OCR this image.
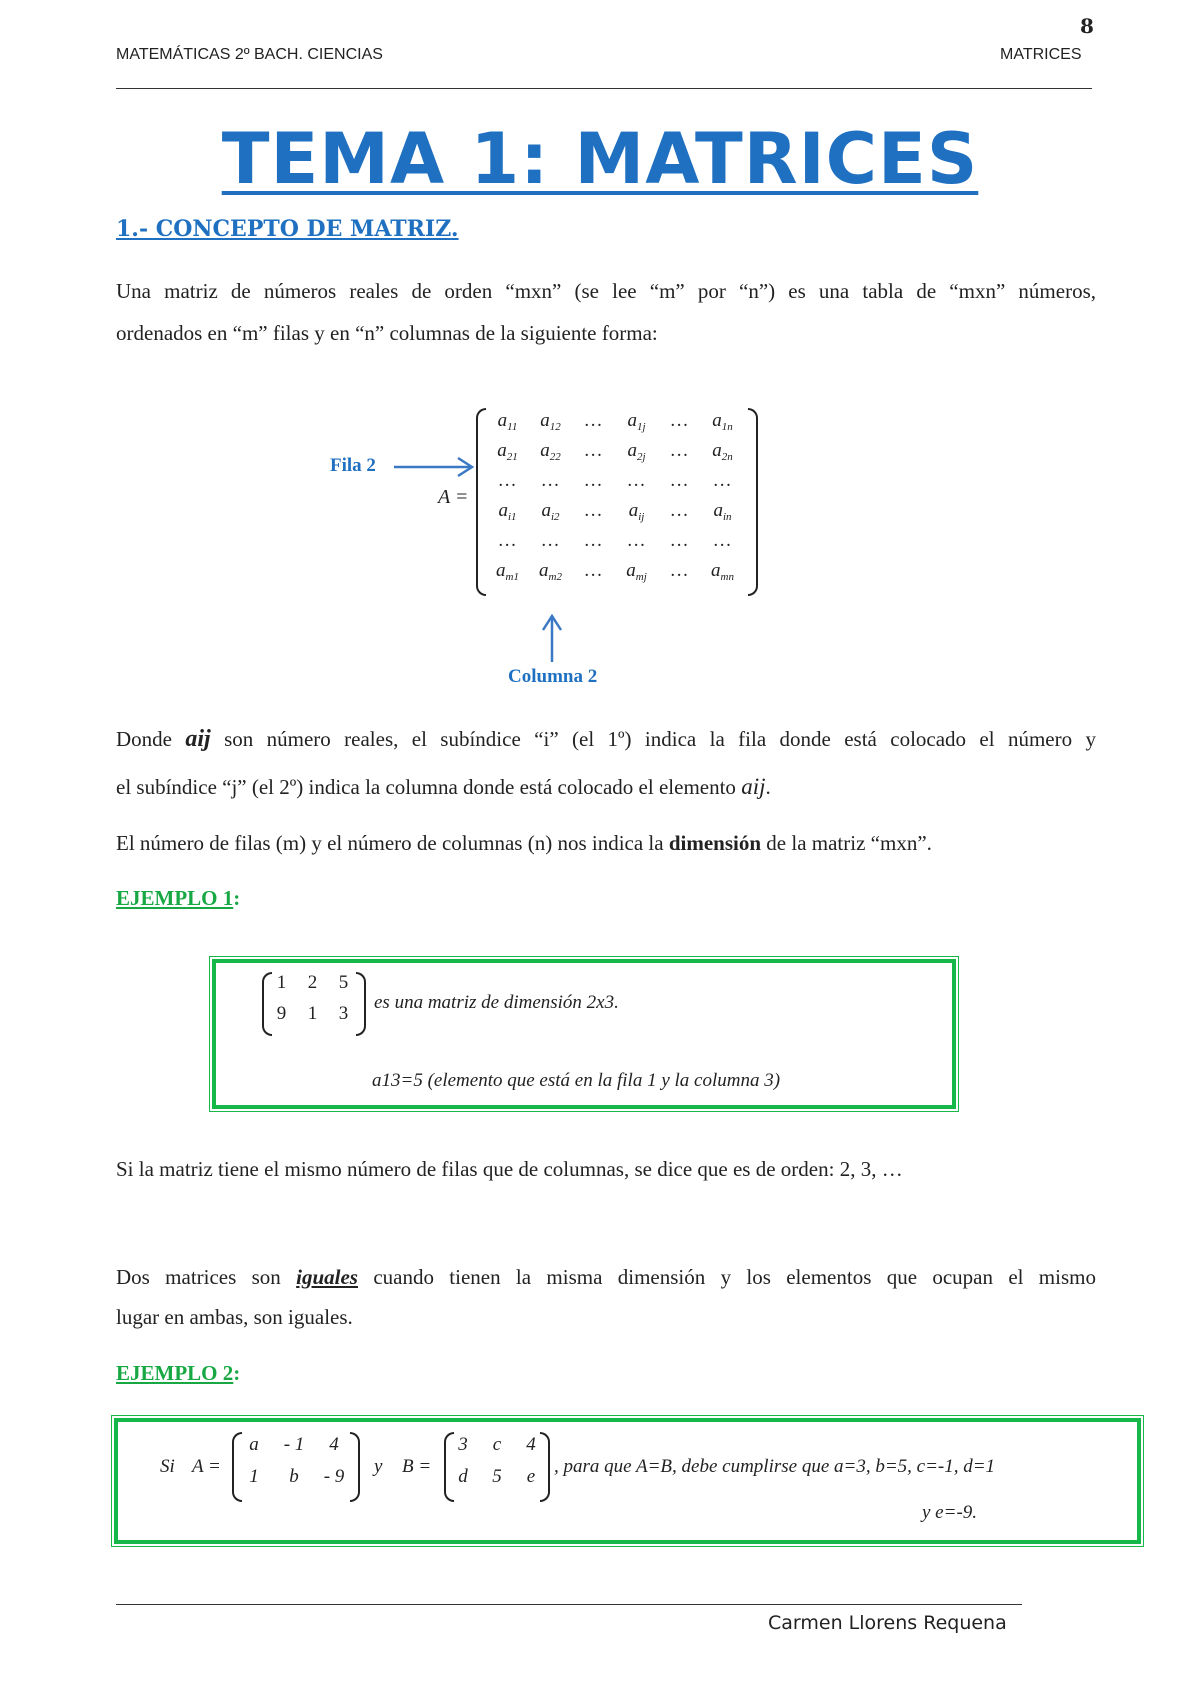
8
MATEMÁTICAS 2º BACH. CIENCIAS	MATRICES
TEMA 1: MATRICES
1.- CONCEPTO DE MATRIZ.
Una matriz de números reales de orden “mxn” (se lee “m” por “n”) es una tabla de “mxn” números,
ordenados en “m” filas y en “n” columnas de la siguiente forma:
Fila 2
A =
$a_{11}$	$a_{12}$	…	$a_{1j}$	…	$a_{1n}$
$a_{21}$	$a_{22}$	…	$a_{2j}$	…	$a_{2n}$
…	…	…	…	…	…
$a_{i1}$	$a_{i2}$	…	$a_{ij}$	…	$a_{in}$
…	…	…	…	…	…
$a_{m1}$	$a_{m2}$	…	$a_{mj}$	…	$a_{mn}$
Columna 2
Donde aij son número reales, el subíndice “i” (el 1º) indica la fila donde está colocado el número y
el subíndice “j” (el 2º) indica la columna donde está colocado el elemento aij.
El número de filas (m) y el número de columnas (n) nos indica la dimensión de la matriz “mxn”.
EJEMPLO 1:
1	2	5
9	1	3
es una matriz de dimensión 2x3.
a13=5 (elemento que está en la fila 1 y la columna 3)
Si la matriz tiene el mismo número de filas que de columnas, se dice que es de orden: 2, 3, …
Dos matrices son iguales cuando tienen la misma dimensión y los elementos que ocupan el mismo
lugar en ambas, son iguales.
EJEMPLO 2:
Si A =
a	- 1	4
1	b	- 9	y B =
3	c	4
d	5	e , para que A=B, debe cumplirse que a=3, b=5, c=-1, d=1
y e=-9.
Carmen Llorens Requena
